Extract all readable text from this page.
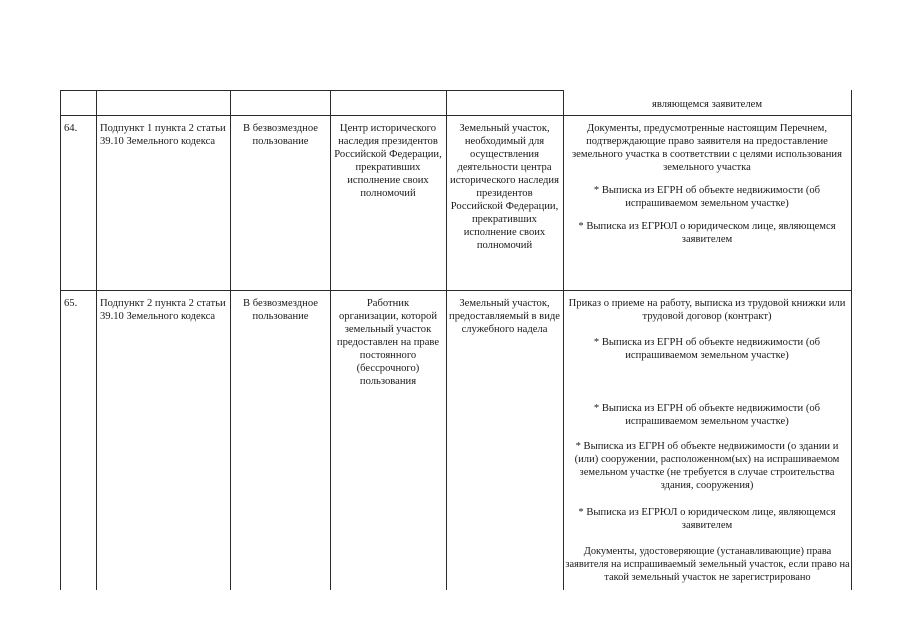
являющемся заявителем
64.	Подпункт 1 пункта 2 статьи 39.10 Земельного кодекса
В безвозмездное пользование
Центр исторического наследия президентов Российской Федерации, прекративших исполнение своих полномочий
Земельный участок, необходимый для осуществления деятельности центра исторического наследия президентов Российской Федерации, прекративших исполнение своих полномочий

Документы, предусмотренные настоящим Перечнем, подтверждающие право заявителя на предоставление земельного участка в соответствии с целями использования земельного участка

* Выписка из ЕГРН об объекте недвижимости (об испрашиваемом земельном участке)

* Выписка из ЕГРЮЛ о юридическом лице, являющемся заявителем

65.	Подпункт 2 пункта 2 статьи 39.10 Земельного кодекса
В безвозмездное пользование
Работник организации, которой земельный участок предоставлен на праве постоянного (бессрочного) пользования
Земельный участок, предоставляемый в виде служебного надела
Приказ о приеме на работу, выписка из трудовой книжки или трудовой договор (контракт)
* Выписка из ЕГРН об объекте недвижимости (об испрашиваемом земельном участке)
* Выписка из ЕГРН об объекте недвижимости (об испрашиваемом земельном участке)
* Выписка из ЕГРН об объекте недвижимости (о здании и (или) сооружении, расположенном(ых) на испрашиваемом земельном участке (не требуется в случае строительства здания, сооружения)
* Выписка из ЕГРЮЛ о юридическом лице, являющемся заявителем
Документы, удостоверяющие (устанавливающие) права заявителя на испрашиваемый земельный участок, если право на такой земельный участок не зарегистрировано
